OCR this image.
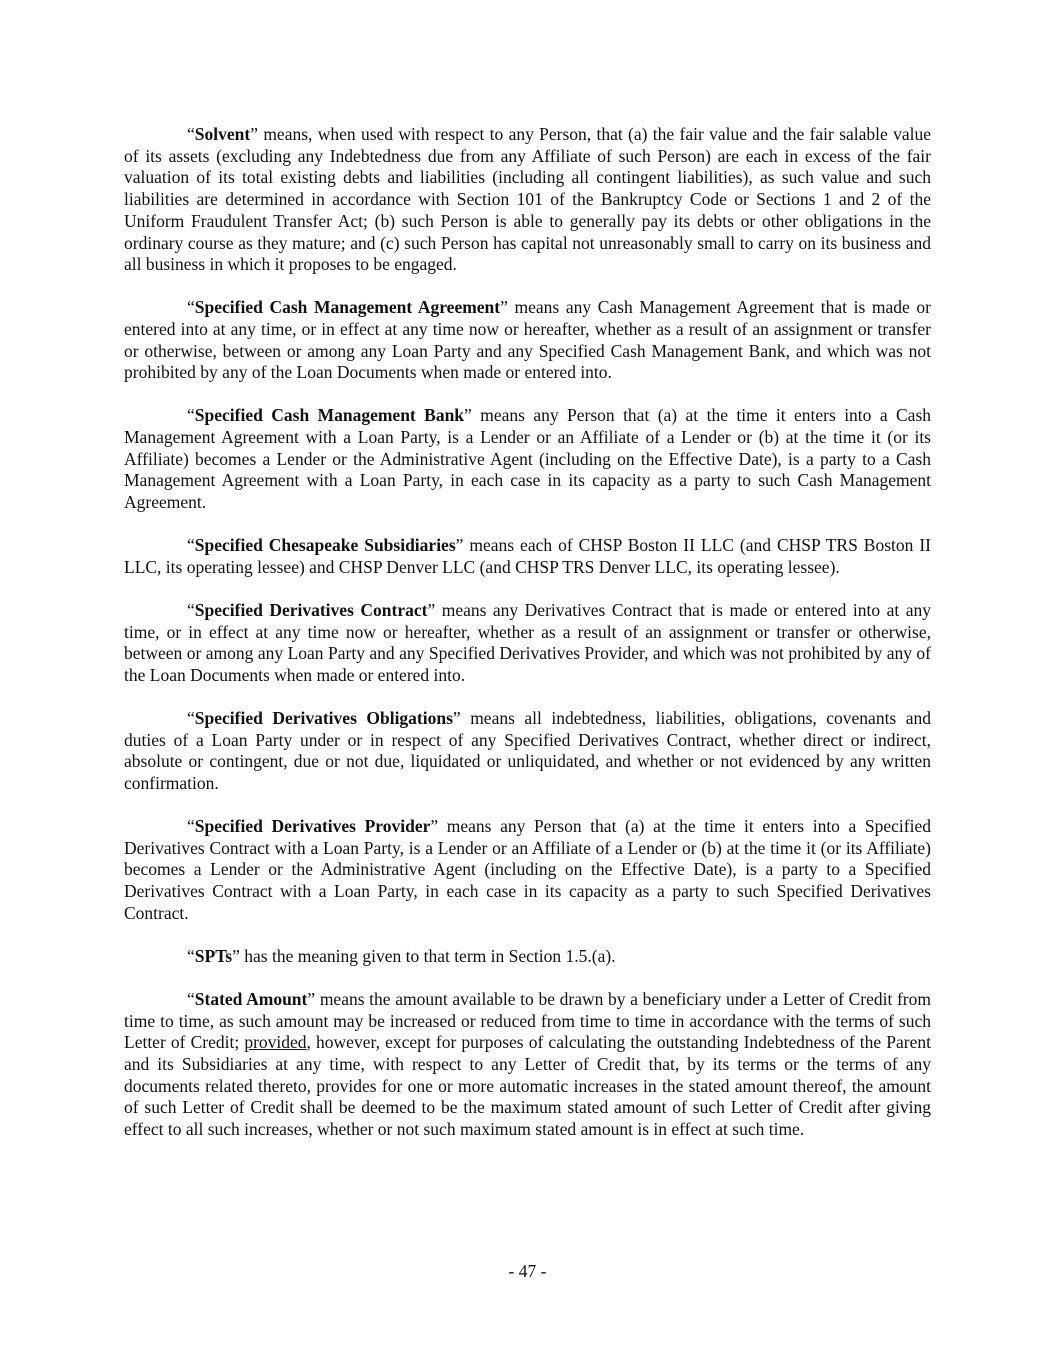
“Solvent” means, when used with respect to any Person, that (a) the fair value and the fair salable value of its assets (excluding any Indebtedness due from any Affiliate of such Person) are each in excess of the fair valuation of its total existing debts and liabilities (including all contingent liabilities), as such value and such liabilities are determined in accordance with Section 101 of the Bankruptcy Code or Sections 1 and 2 of the Uniform Fraudulent Transfer Act; (b) such Person is able to generally pay its debts or other obligations in the ordinary course as they mature; and (c) such Person has capital not unreasonably small to carry on its business and all business in which it proposes to be engaged.

“Specified Cash Management Agreement” means any Cash Management Agreement that is made or entered into at any time, or in effect at any time now or hereafter, whether as a result of an assignment or transfer or otherwise, between or among any Loan Party and any Specified Cash Management Bank, and which was not prohibited by any of the Loan Documents when made or entered into.

“Specified Cash Management Bank” means any Person that (a) at the time it enters into a Cash Management Agreement with a Loan Party, is a Lender or an Affiliate of a Lender or (b) at the time it (or its Affiliate) becomes a Lender or the Administrative Agent (including on the Effective Date), is a party to a Cash Management Agreement with a Loan Party, in each case in its capacity as a party to such Cash Management Agreement.

“Specified Chesapeake Subsidiaries” means each of CHSP Boston II LLC (and CHSP TRS Boston II LLC, its operating lessee) and CHSP Denver LLC (and CHSP TRS Denver LLC, its operating lessee).

“Specified Derivatives Contract” means any Derivatives Contract that is made or entered into at any time, or in effect at any time now or hereafter, whether as a result of an assignment or transfer or otherwise, between or among any Loan Party and any Specified Derivatives Provider, and which was not prohibited by any of the Loan Documents when made or entered into.

“Specified Derivatives Obligations” means all indebtedness, liabilities, obligations, covenants and duties of a Loan Party under or in respect of any Specified Derivatives Contract, whether direct or indirect, absolute or contingent, due or not due, liquidated or unliquidated, and whether or not evidenced by any written confirmation.

“Specified Derivatives Provider” means any Person that (a) at the time it enters into a Specified Derivatives Contract with a Loan Party, is a Lender or an Affiliate of a Lender or (b) at the time it (or its Affiliate) becomes a Lender or the Administrative Agent (including on the Effective Date), is a party to a Specified Derivatives Contract with a Loan Party, in each case in its capacity as a party to such Specified Derivatives Contract.

“SPTs” has the meaning given to that term in Section 1.5.(a).

“Stated Amount” means the amount available to be drawn by a beneficiary under a Letter of Credit from time to time, as such amount may be increased or reduced from time to time in accordance with the terms of such Letter of Credit; provided, however, except for purposes of calculating the outstanding Indebtedness of the Parent and its Subsidiaries at any time, with respect to any Letter of Credit that, by its terms or the terms of any documents related thereto, provides for one or more automatic increases in the stated amount thereof, the amount of such Letter of Credit shall be deemed to be the maximum stated amount of such Letter of Credit after giving effect to all such increases, whether or not such maximum stated amount is in effect at such time.

- 47 -
